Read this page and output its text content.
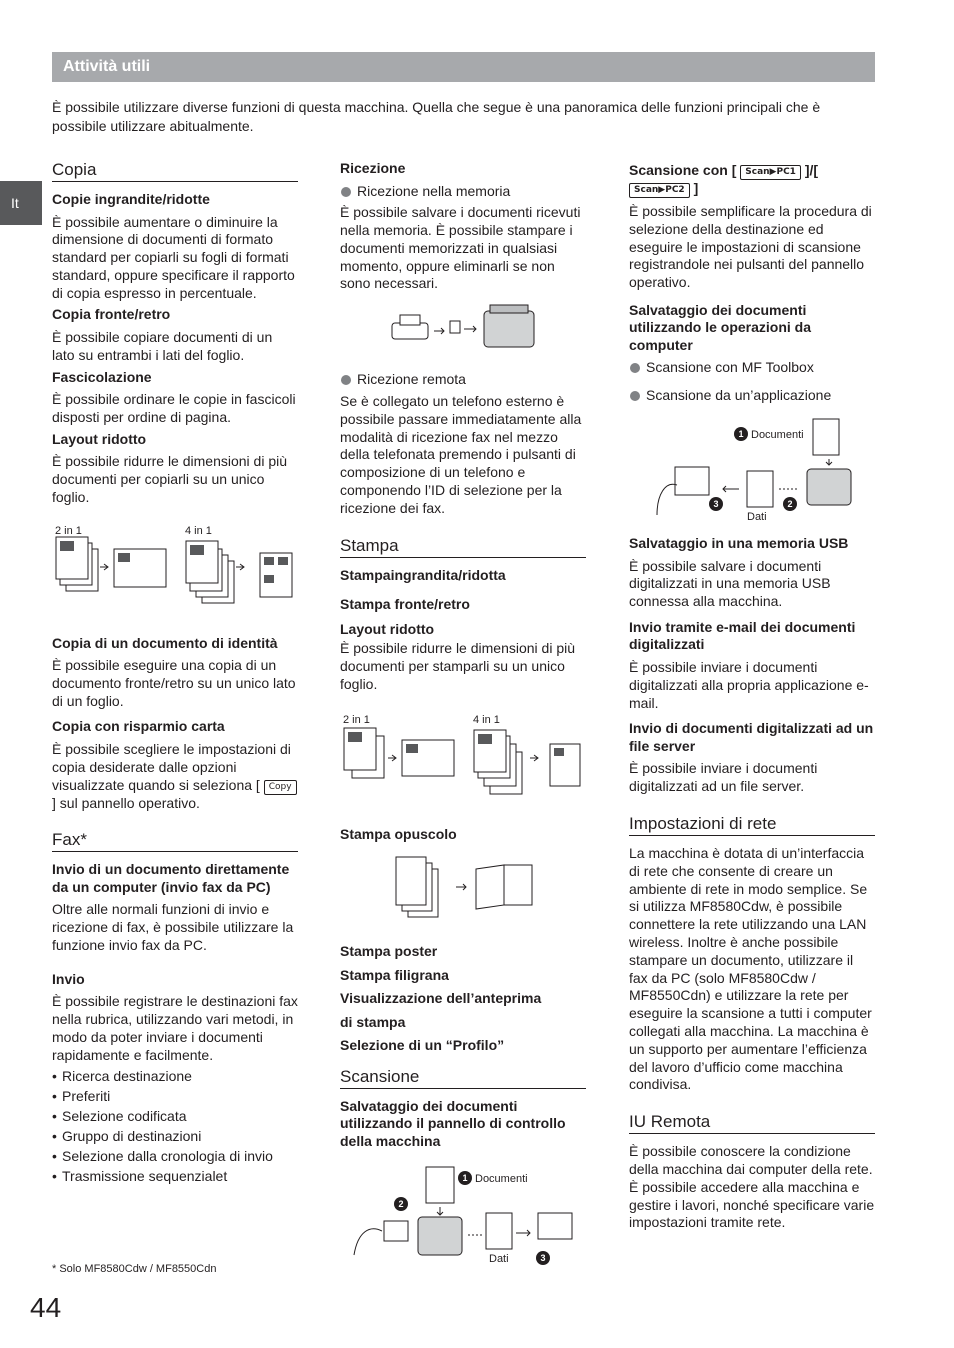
Attività utili
È possibile utilizzare diverse funzioni di questa macchina. Quella che segue è una panoramica delle funzioni principali che è possibile utilizzare abitualmente.
It
Copia
Copie ingrandite/ridotte

È possibile aumentare o diminuire la dimensione di documenti di formato standard per copiarli su fogli di formati standard, oppure specificare il rapporto di copia espresso in percentuale.

Copia fronte/retro

È possibile copiare documenti di un lato su entrambi i lati del foglio.

Fascicolazione

È possibile ordinare le copie in fascicoli disposti per ordine di pagina.

Layout ridotto

È possibile ridurre le dimensioni di più documenti per copiarli su un unico foglio.

2 in 1	4 in 1
Copia di un documento di identità

È possibile eseguire una copia di un documento fronte/retro su un unico lato di un foglio.

Copia con risparmio carta

È possibile scegliere le impostazioni di copia desiderate dalle opzioni visualizzate quando si seleziona [ Copy ] sul pannello operativo.

Fax*
Invio di un documento direttamente da un computer (invio fax da PC)

Oltre alle normali funzioni di invio e ricezione di fax, è possibile utilizzare la funzione invio fax da PC.

Invio

È possibile registrare le destinazioni fax nella rubrica, utilizzando vari metodi, in modo da poter inviare i documenti rapidamente e facilmente.

• Ricerca destinazione
• Preferiti
• Selezione codificata
• Gruppo di destinazioni
• Selezione dalla cronologia di invio
• Trasmissione sequenzialet
Ricezione
Ricezione nella memoria

È possibile salvare i documenti ricevuti nella memoria. È possibile stampare i documenti memorizzati in qualsiasi momento, oppure eliminarli se non sono necessari.

Ricezione remota

Se è collegato un telefono esterno è possibile passare immediatamente alla modalità di ricezione fax nel mezzo della telefonata premendo i pulsanti di composizione di un telefono e componendo l’ID di selezione per la ricezione dei fax.

Stampa
Stampaingrandita/ridotta
Stampa fronte/retro
Layout ridotto

È possibile ridurre le dimensioni di più documenti per stamparli su un unico foglio.

2 in 1	4 in 1
Stampa opuscolo
Stampa poster
Stampa filigrana
Visualizzazione dell’anteprima
di stampa
Selezione di un “Profilo”
Scansione
Salvataggio dei documenti utilizzando il pannello di controllo della macchina
1 Documenti
2
Dati	3
Scansione con [ Scan▶PC1 ]/[ Scan▶PC2 ]

È possibile semplificare la procedura di selezione della destinazione ed eseguire le impostazioni di scansione registrandole nei pulsanti del pannello operativo.

Salvataggio dei documenti utilizzando le operazioni da computer
Scansione con MF Toolbox
Scansione da un’applicazione
1 Documenti
3
Dati
2
Salvataggio in una memoria USB

È possibile salvare i documenti digitalizzati in una memoria USB connessa alla macchina.

Invio tramite e-mail dei documenti digitalizzati

È possibile inviare i documenti digitalizzati alla propria applicazione e-mail.

Invio di documenti digitalizzati ad un file server

È possibile inviare i documenti digitalizzati ad un file server.

Impostazioni di rete

La macchina è dotata di un’interfaccia di rete che consente di creare un ambiente di rete in modo semplice. Se si utilizza MF8580Cdw, è possibile connettere la rete utilizzando una LAN wireless. Inoltre è anche possibile stampare un documento, utilizzare il fax da PC (solo MF8580Cdw / MF8550Cdn) e utilizzare la rete per eseguire la scansione a tutti i computer collegati alla macchina. La macchina è un supporto per aumentare l’efficienza del lavoro d’ufficio come macchina condivisa.

IU Remota

È possibile conoscere la condizione della macchina dai computer della rete. È possibile accedere alla macchina e gestire i lavori, nonché specificare varie impostazioni tramite rete.

* Solo MF8580Cdw / MF8550Cdn
44
